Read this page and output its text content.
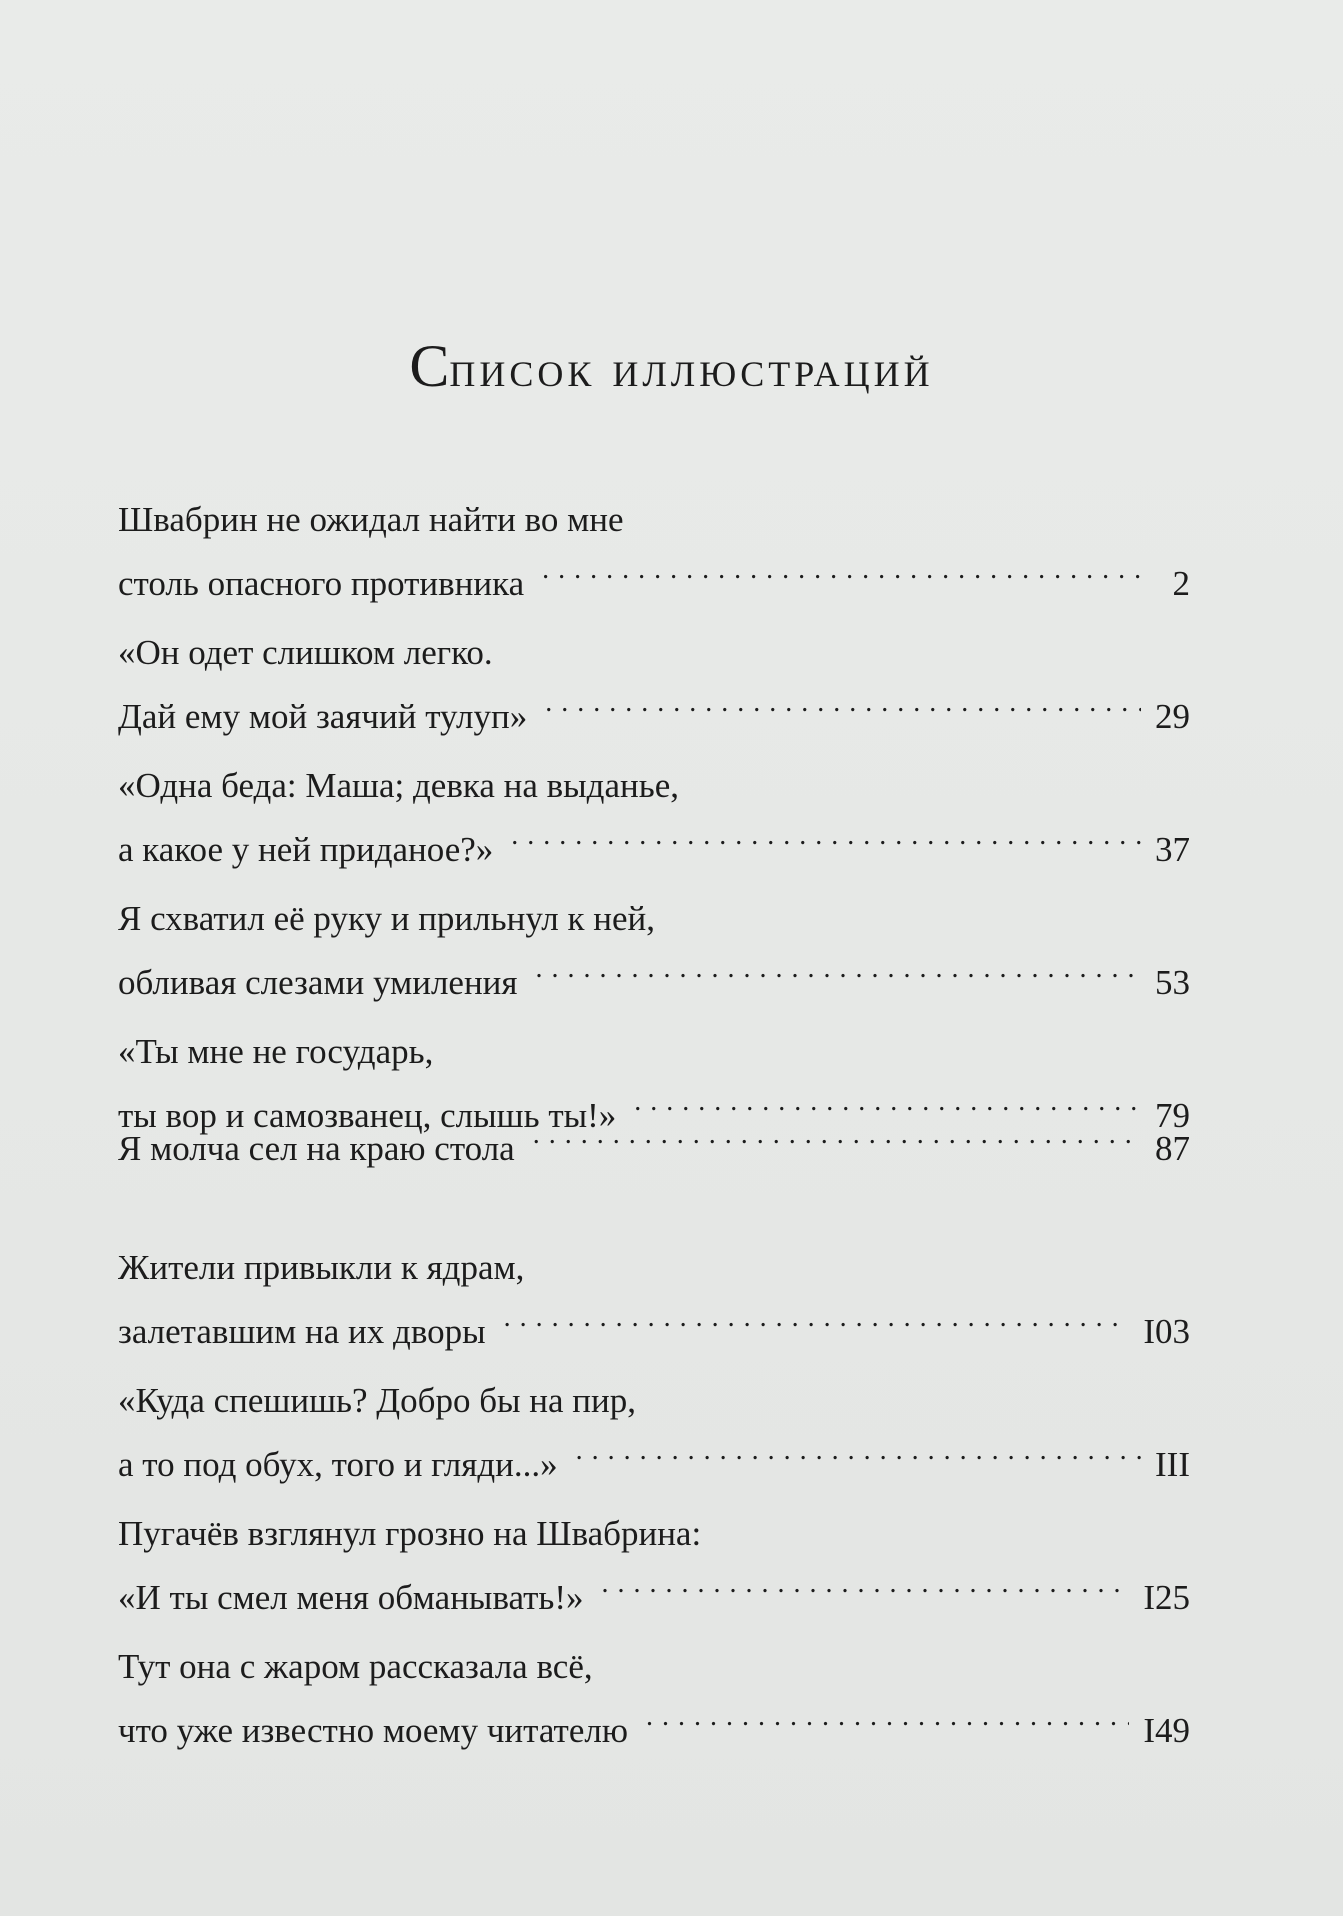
Список иллюстраций
Швабрин не ожидал найти во мне
столь опасного противника . . .	2
«Он одет слишком легко.
Дай ему мой заячий тулуп» . . .	29
«Одна беда: Маша; девка на выданье,
а какое у ней приданое?» . . .	37
Я схватил её руку и прильнул к ней,
обливая слезами умиления . . .	53
«Ты мне не государь,
ты вор и самозванец, слышь ты!» . . .	79
Я молча сел на краю стола . . .	87
Жители привыкли к ядрам,
залетавшим на их дворы . . .	I03
«Куда спешишь? Добро бы на пир,
а то под обух, того и гляди...» . . .	III
Пугачёв взглянул грозно на Швабрина:
«И ты смел меня обманывать!» . . .	I25
Тут она с жаром рассказала всё,
что уже известно моему читателю . . .	I49
